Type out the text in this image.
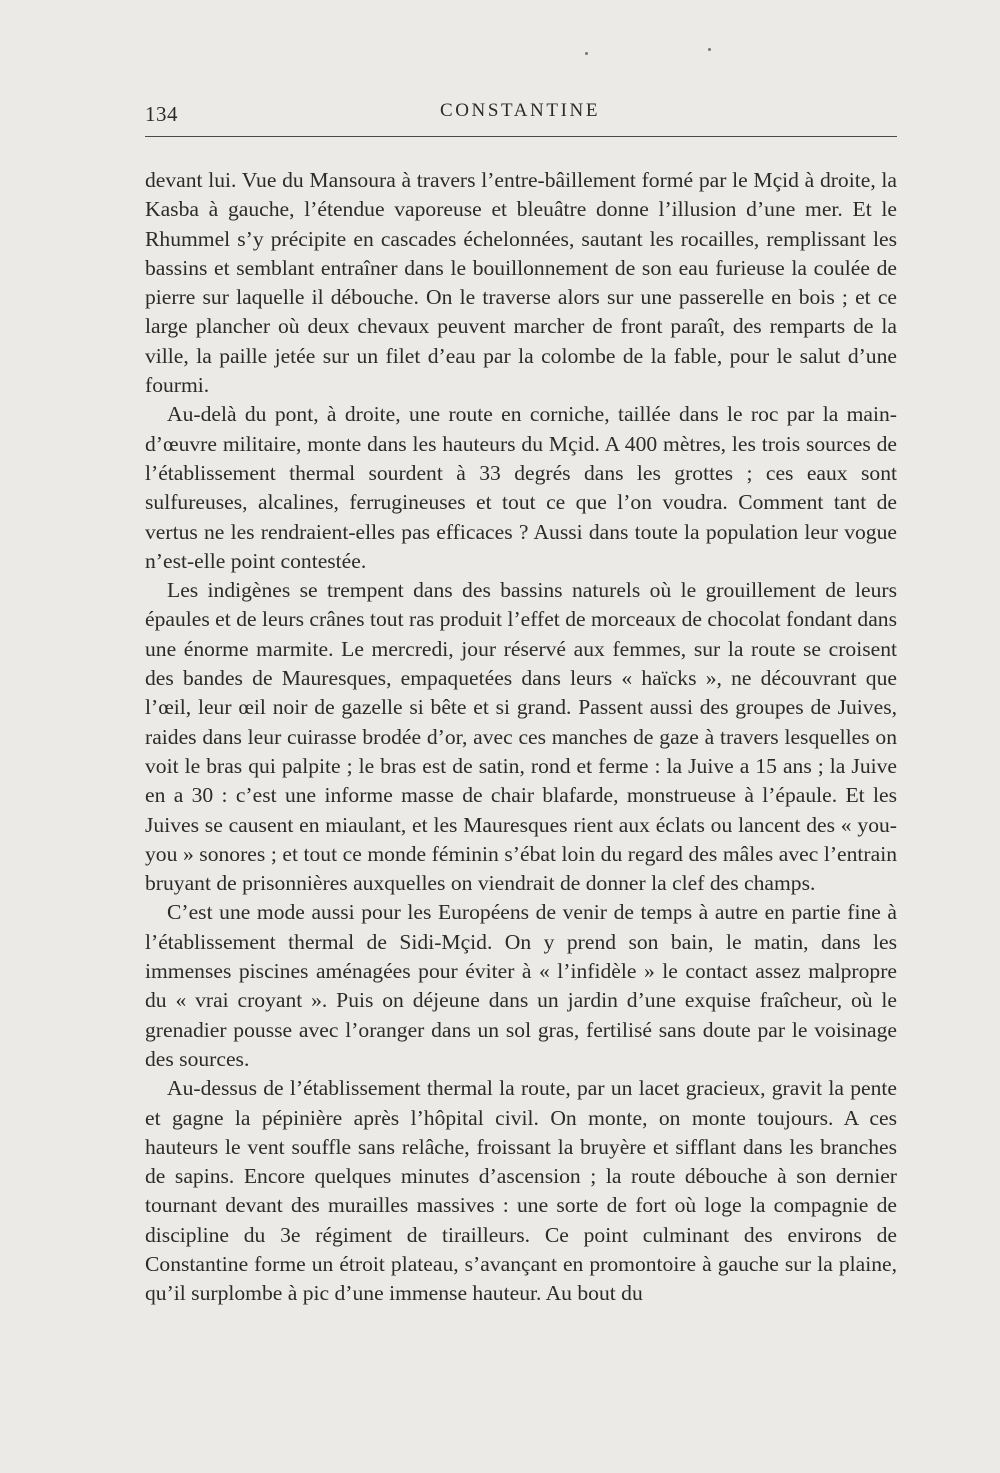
134	CONSTANTINE

devant lui. Vue du Mansoura à travers l’entre-bâillement formé par le Mçid à droite, la Kasba à gauche, l’étendue vaporeuse et bleuâtre donne l’illusion d’une mer. Et le Rhummel s’y précipite en cascades échelonnées, sautant les rocailles, remplissant les bassins et semblant entraîner dans le bouillonnement de son eau furieuse la coulée de pierre sur laquelle il débouche. On le traverse alors sur une passerelle en bois ; et ce large plancher où deux chevaux peuvent marcher de front paraît, des remparts de la ville, la paille jetée sur un filet d’eau par la colombe de la fable, pour le salut d’une fourmi.

Au-delà du pont, à droite, une route en corniche, taillée dans le roc par la main-d’œuvre militaire, monte dans les hauteurs du Mçid. A 400 mètres, les trois sources de l’établissement thermal sourdent à 33 degrés dans les grottes ; ces eaux sont sulfureuses, alcalines, ferrugineuses et tout ce que l’on voudra. Comment tant de vertus ne les rendraient-elles pas efficaces ? Aussi dans toute la population leur vogue n’est-elle point contestée.

Les indigènes se trempent dans des bassins naturels où le grouillement de leurs épaules et de leurs crânes tout ras produit l’effet de morceaux de chocolat fondant dans une énorme marmite. Le mercredi, jour réservé aux femmes, sur la route se croisent des bandes de Mauresques, empaquetées dans leurs « haïcks », ne découvrant que l’œil, leur œil noir de gazelle si bête et si grand. Passent aussi des groupes de Juives, raides dans leur cuirasse brodée d’or, avec ces manches de gaze à travers lesquelles on voit le bras qui palpite ; le bras est de satin, rond et ferme : la Juive a 15 ans ; la Juive en a 30 : c’est une informe masse de chair blafarde, monstrueuse à l’épaule. Et les Juives se causent en miaulant, et les Mauresques rient aux éclats ou lancent des « you-you » sonores ; et tout ce monde féminin s’ébat loin du regard des mâles avec l’entrain bruyant de prisonnières auxquelles on viendrait de donner la clef des champs.

C’est une mode aussi pour les Européens de venir de temps à autre en partie fine à l’établissement thermal de Sidi-Mçid. On y prend son bain, le matin, dans les immenses piscines aménagées pour éviter à « l’infidèle » le contact assez malpropre du « vrai croyant ». Puis on déjeune dans un jardin d’une exquise fraîcheur, où le grenadier pousse avec l’oranger dans un sol gras, fertilisé sans doute par le voisinage des sources.

Au-dessus de l’établissement thermal la route, par un lacet gracieux, gravit la pente et gagne la pépinière après l’hôpital civil. On monte, on monte toujours. A ces hauteurs le vent souffle sans relâche, froissant la bruyère et sifflant dans les branches de sapins. Encore quelques minutes d’ascension ; la route débouche à son dernier tournant devant des murailles massives : une sorte de fort où loge la compagnie de discipline du 3e régiment de tirailleurs. Ce point culminant des environs de Constantine forme un étroit plateau, s’avançant en promontoire à gauche sur la plaine, qu’il surplombe à pic d’une immense hauteur. Au bout du
